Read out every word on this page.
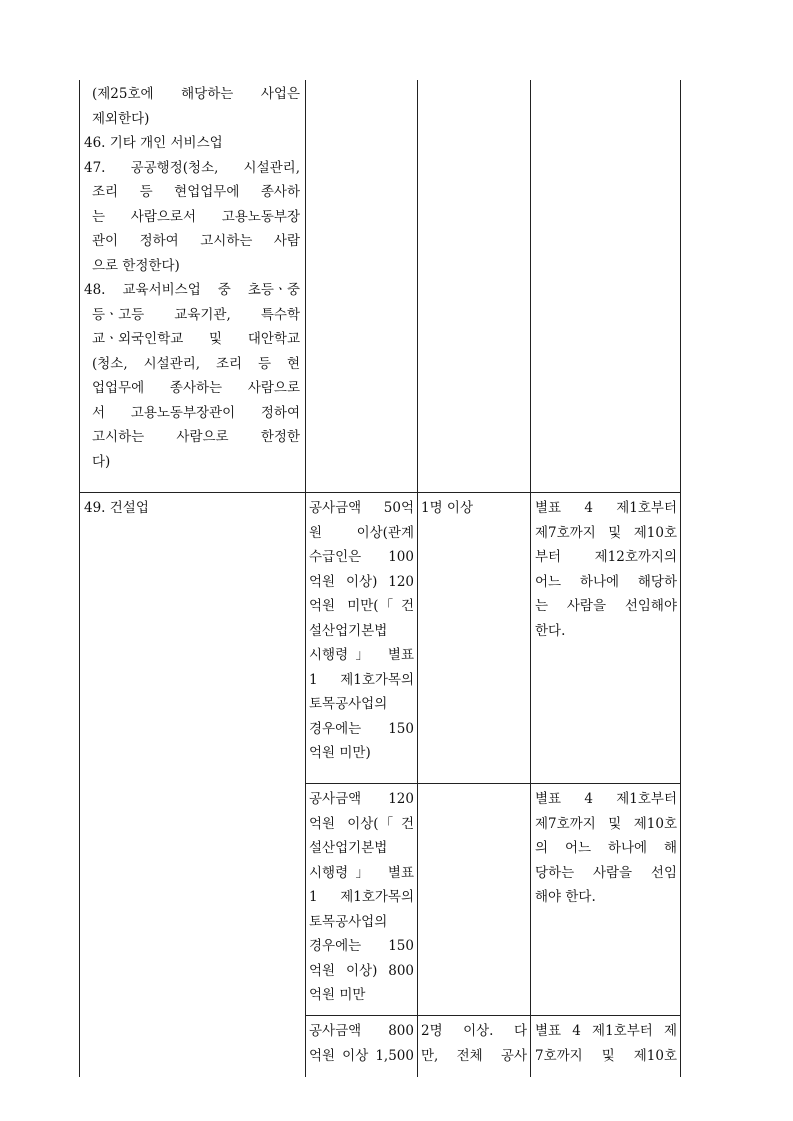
(제25호에 해당하는 사업은
제외한다)
46. 기타 개인 서비스업
47. 공공행정(청소, 시설관리,
조리 등 현업업무에 종사하
는 사람으로서 고용노동부장
관이 정하여 고시하는 사람
으로 한정한다)
48. 교육서비스업 중 초등ㆍ중
등ㆍ고등 교육기관, 특수학
교ㆍ외국인학교 및 대안학교
(청소, 시설관리, 조리 등 현
업업무에 종사하는 사람으로
서 고용노동부장관이 정하여
고시하는 사람으로 한정한
다)
49. 건설업	공사금액 50억
원 이상(관계
수급인은 100
억원 이상) 120
억원 미만(「건
설산업기본법
시행령」 별표
1 제1호가목의
토목공사업의
경우에는 150
억원 미만)
1명 이상	별표 4 제1호부터
제7호까지 및 제10호
부터 제12호까지의
어느 하나에 해당하
는 사람을 선임해야
한다.
공사금액 120
억원 이상(「건
설산업기본법
시행령」 별표
1 제1호가목의
토목공사업의
경우에는 150
억원 이상) 800
억원 미만
별표 4 제1호부터
제7호까지 및 제10호
의 어느 하나에 해
당하는 사람을 선임
해야 한다.
공사금액 800
억원 이상 1,500
2명 이상. 다
만, 전체 공사
별표 4 제1호부터 제
7호까지 및 제10호
